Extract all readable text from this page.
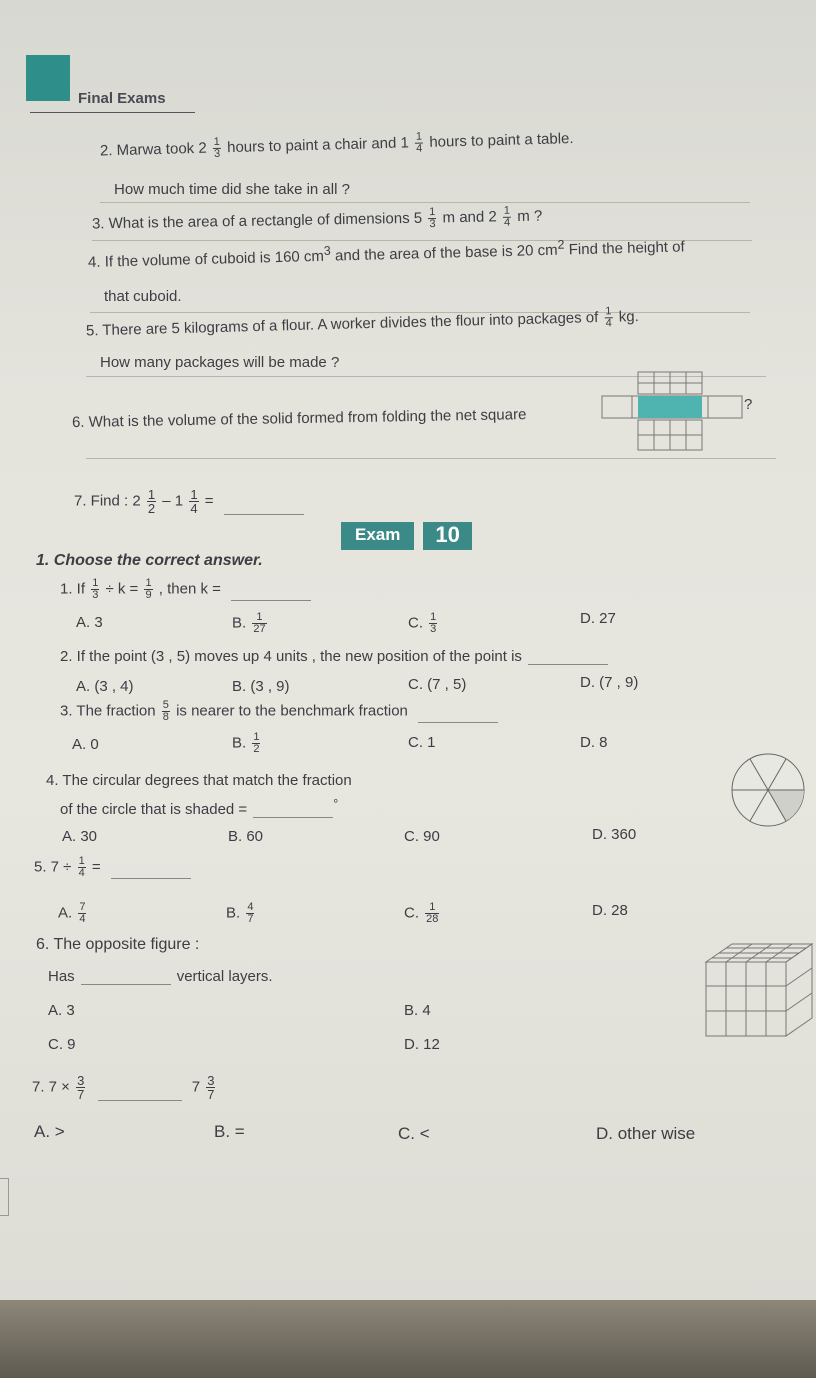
Final Exams
2. Marwa took $2 \frac{1}{3}$ hours to paint a chair and $1 \frac{1}{4}$ hours to paint a table.
How much time did she take in all ?
3. What is the area of a rectangle of dimensions $5 \frac{1}{3}$ m and $2 \frac{1}{4}$ m ?
4. If the volume of cuboid is 160 $cm^3$ and the area of the base is 20 $cm^2$ Find the height of
that cuboid.
5. There are 5 kilograms of a flour. A worker divides the flour into packages of $\frac{1}{4}$ kg.
How many packages will be made ?
6. What is the volume of the solid formed from folding the net square
?
7. Find : $2 \frac{1}{2} - 1 \frac{1}{4}$ =
Exam	10
1. Choose the correct answer.
1. If $\frac{1}{3} \div k = \frac{1}{9}$ , then k =
A. 3	B. $\frac{1}{27}$	C. $\frac{1}{3}$	D. 27
2. If the point (3 , 5) moves up 4 units , the new position of the point is
A. (3 , 4)	B. (3 , 9)	C. (7 , 5)	D. (7 , 9)
3. The fraction $\frac{5}{8}$ is nearer to the benchmark fraction
A. 0	B. $\frac{1}{2}$	C. 1	D. 8
4. The circular degrees that match the fraction
of the circle that is shaded =	°
A. 30	B. 60	C. 90	D. 360
5. $7 \div \frac{1}{4}$ =
A. $\frac{7}{4}$	B. $\frac{4}{7}$	C. $\frac{1}{28}$	D. 28
6. The opposite figure :
Has	vertical layers.
A. 3	B. 4
C. 9	D. 12
7. $7 \times \frac{3}{7}$	$7 \frac{3}{7}$
A. >	B. =	C. <	D. other wise
